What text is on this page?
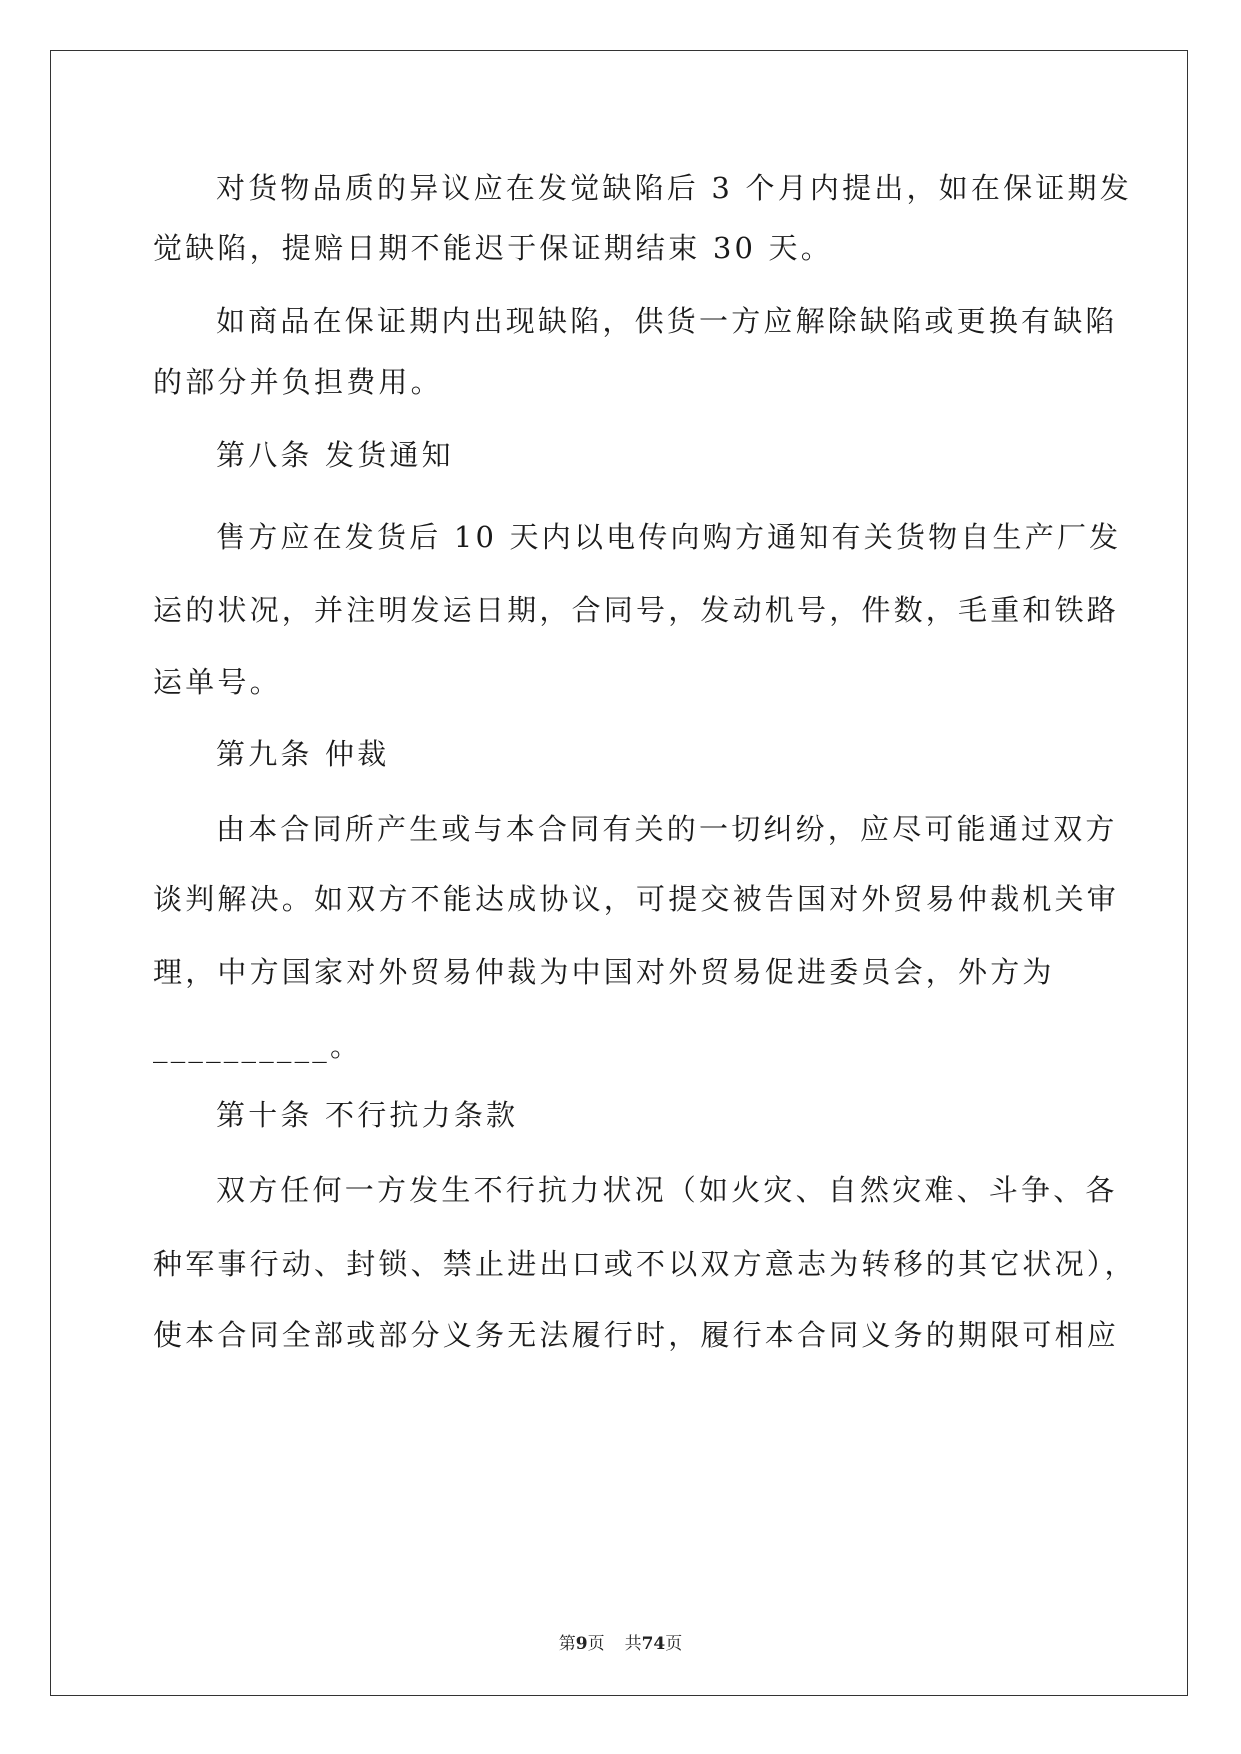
对货物品质的异议应在发觉缺陷后 3 个月内提出，如在保证期发
觉缺陷，提赔日期不能迟于保证期结束 30 天。
如商品在保证期内出现缺陷，供货一方应解除缺陷或更换有缺陷
的部分并负担费用。
第八条 发货通知
售方应在发货后 10 天内以电传向购方通知有关货物自生产厂发
运的状况，并注明发运日期，合同号，发动机号，件数，毛重和铁路
运单号。
第九条 仲裁
由本合同所产生或与本合同有关的一切纠纷，应尽可能通过双方
谈判解决。如双方不能达成协议，可提交被告国对外贸易仲裁机关审
理，中方国家对外贸易仲裁为中国对外贸易促进委员会，外方为
__________。
第十条 不行抗力条款
双方任何一方发生不行抗力状况（如火灾、自然灾难、斗争、各
种军事行动、封锁、禁止进出口或不以双方意志为转移的其它状况），
使本合同全部或部分义务无法履行时，履行本合同义务的期限可相应
第9页 共74页
